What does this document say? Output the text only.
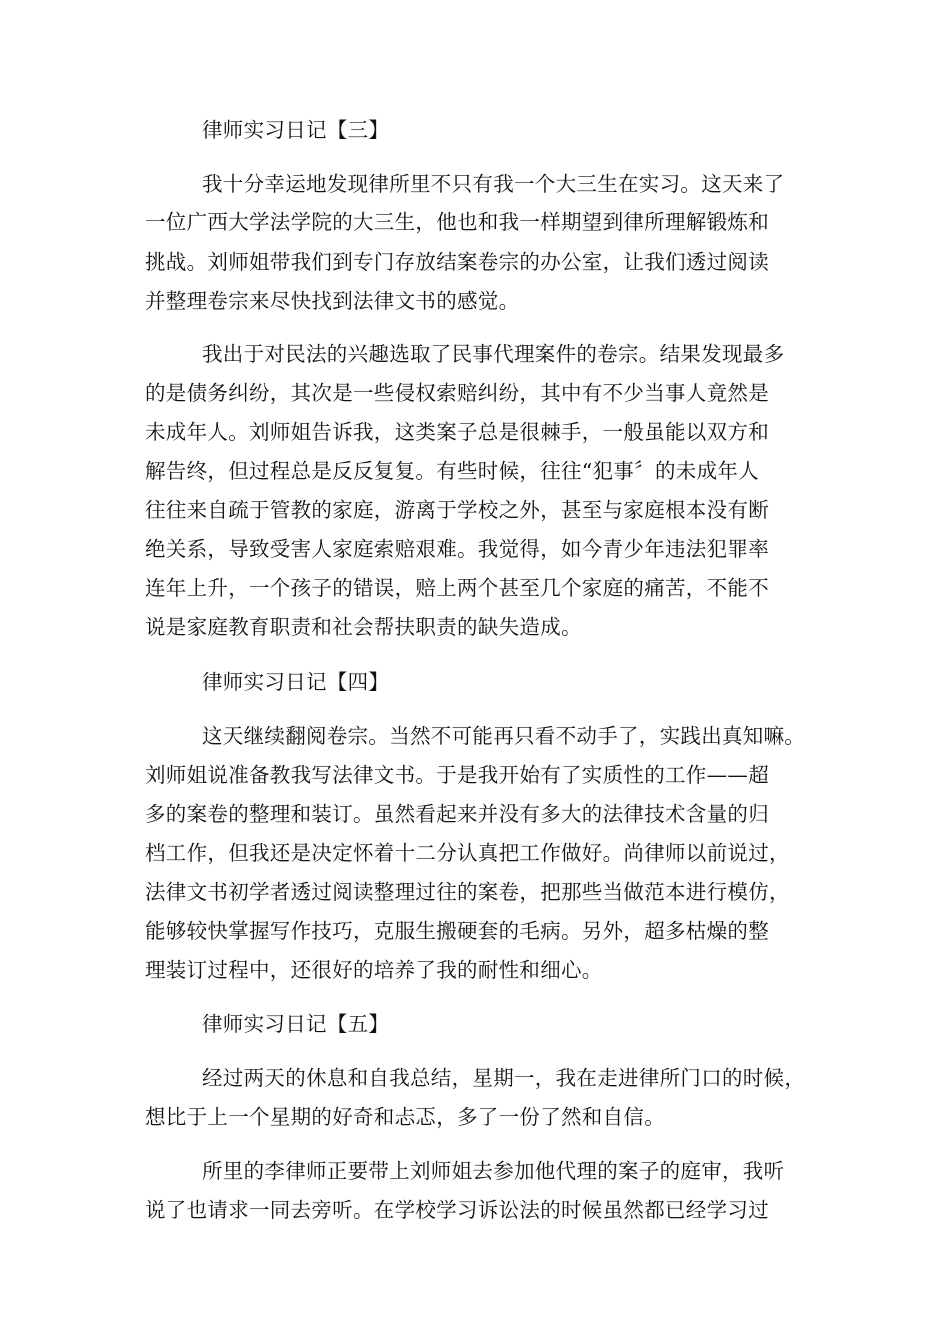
律师实习日记【三】
我十分幸运地发现律所里不只有我一个大三生在实习。这天来了
一位广西大学法学院的大三生，他也和我一样期望到律所理解锻炼和
挑战。刘师姐带我们到专门存放结案卷宗的办公室，让我们透过阅读
并整理卷宗来尽快找到法律文书的感觉。
我出于对民法的兴趣选取了民事代理案件的卷宗。结果发现最多
的是债务纠纷，其次是一些侵权索赔纠纷，其中有不少当事人竟然是
未成年人。刘师姐告诉我，这类案子总是很棘手，一般虽能以双方和
解告终，但过程总是反反复复。有些时候，往往“犯事〞的未成年人
往往来自疏于管教的家庭，游离于学校之外，甚至与家庭根本没有断
绝关系，导致受害人家庭索赔艰难。我觉得，如今青少年违法犯罪率
连年上升，一个孩子的错误，赔上两个甚至几个家庭的痛苦，不能不
说是家庭教育职责和社会帮扶职责的缺失造成。
律师实习日记【四】
这天继续翻阅卷宗。当然不可能再只看不动手了，实践出真知嘛。
刘师姐说准备教我写法律文书。于是我开始有了实质性的工作——超
多的案卷的整理和装订。虽然看起来并没有多大的法律技术含量的归
档工作，但我还是决定怀着十二分认真把工作做好。尚律师以前说过，
法律文书初学者透过阅读整理过往的案卷，把那些当做范本进行模仿，
能够较快掌握写作技巧，克服生搬硬套的毛病。另外，超多枯燥的整
理装订过程中，还很好的培养了我的耐性和细心。
律师实习日记【五】
经过两天的休息和自我总结，星期一，我在走进律所门口的时候，
想比于上一个星期的好奇和忐忑，多了一份了然和自信。
所里的李律师正要带上刘师姐去参加他代理的案子的庭审，我听
说了也请求一同去旁听。在学校学习诉讼法的时候虽然都已经学习过
